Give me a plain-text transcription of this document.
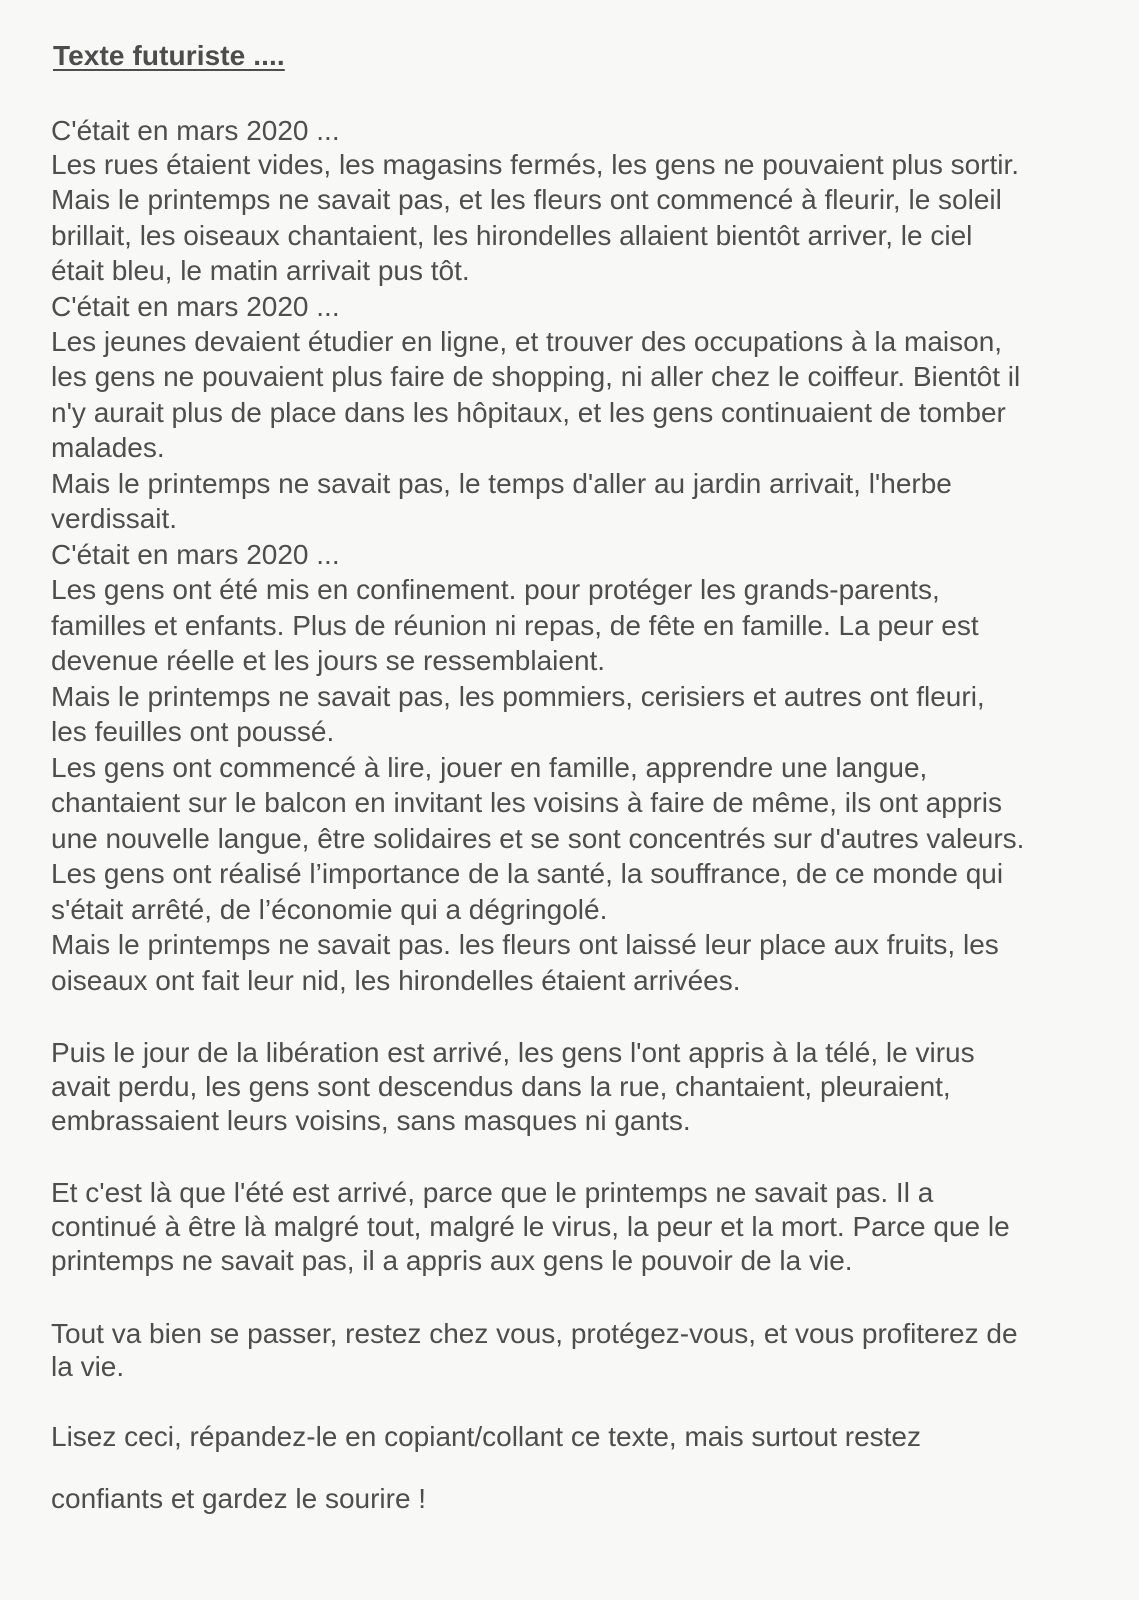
Texte futuriste ....

C'était en mars 2020 ...

Les rues étaient vides, les magasins fermés, les gens ne pouvaient plus sortir.

Mais le printemps ne savait pas, et les fleurs ont commencé à fleurir, le soleil

brillait, les oiseaux chantaient, les hirondelles allaient bientôt arriver, le ciel

était bleu, le matin arrivait pus tôt.

C'était en mars 2020 ...

Les jeunes devaient étudier en ligne, et trouver des occupations à la maison,

les gens ne pouvaient plus faire de shopping, ni aller chez le coiffeur. Bientôt il

n'y aurait plus de place dans les hôpitaux, et les gens continuaient de tomber

malades.

Mais le printemps ne savait pas, le temps d'aller au jardin arrivait, l'herbe

verdissait.

C'était en mars 2020 ...

Les gens ont été mis en confinement. pour protéger les grands-parents,

familles et enfants. Plus de réunion ni repas, de fête en famille. La peur est

devenue réelle et les jours se ressemblaient.

Mais le printemps ne savait pas, les pommiers, cerisiers et autres ont fleuri,

les feuilles ont poussé.

Les gens ont commencé à lire, jouer en famille, apprendre une langue,

chantaient sur le balcon en invitant les voisins à faire de même, ils ont appris

une nouvelle langue, être solidaires et se sont concentrés sur d'autres valeurs.

Les gens ont réalisé l’importance de la santé, la souffrance, de ce monde qui

s'était arrêté, de l’économie qui a dégringolé.

Mais le printemps ne savait pas. les fleurs ont laissé leur place aux fruits, les

oiseaux ont fait leur nid, les hirondelles étaient arrivées.

Puis le jour de la libération est arrivé, les gens l'ont appris à la télé, le virus

avait perdu, les gens sont descendus dans la rue, chantaient, pleuraient,

embrassaient leurs voisins, sans masques ni gants.

Et c'est là que l'été est arrivé, parce que le printemps ne savait pas. Il a

continué à être là malgré tout, malgré le virus, la peur et la mort. Parce que le

printemps ne savait pas, il a appris aux gens le pouvoir de la vie.

Tout va bien se passer, restez chez vous, protégez-vous, et vous profiterez de

la vie.

Lisez ceci, répandez-le en copiant/collant ce texte, mais surtout restez

confiants et gardez le sourire !
